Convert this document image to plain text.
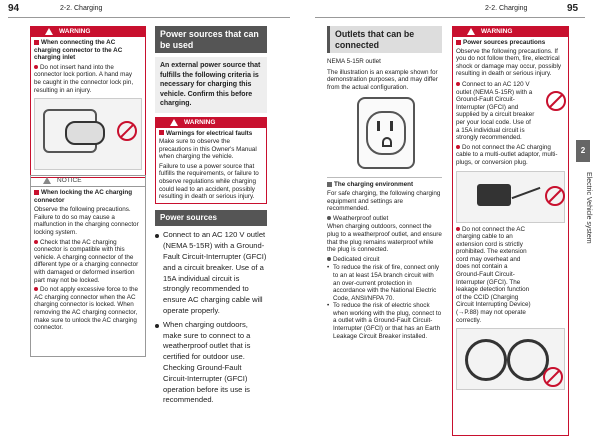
94	2-2. Charging	2-2. Charging	95
2
Electric Vehicle system
WARNING
When connecting the AC charging connector to the AC charging inlet
Do not insert hand into the connector lock portion. A hand may be caught in the connector lock pin, resulting in an injury.
NOTICE
When locking the AC charging connector
Observe the following precautions. Failure to do so may cause a malfunction in the charging connector locking system.
Check that the AC charging connector is compatible with this vehicle. A charging connector of the different type or a charging connector with damaged or deformed insertion part may not be locked.
Do not apply excessive force to the AC charging connector when the AC charging connector is locked. When removing the AC charging connector, make sure to unlock the AC charging connector.
Power sources that can be used
An external power source that fulfills the following criteria is necessary for charging this vehicle. Confirm this before charging.
WARNING
Warnings for electrical faults
Make sure to observe the precautions in this Owner's Manual when charging the vehicle.
Failure to use a power source that fulfills the requirements, or failure to observe regulations while charging could lead to an accident, possibly resulting in death or serious injury.
Power sources
Connect to an AC 120 V outlet (NEMA 5-15R) with a Ground-Fault Circuit-Interrupter (GFCI) and a circuit breaker. Use of a 15A individual circuit is strongly recommended to ensure AC charging cable will operate properly.
When charging outdoors, make sure to connect to a weatherproof outlet that is certified for outdoor use. Checking Ground-Fault Circuit-Interrupter (GFCI) operation before its use is recommended.
Outlets that can be connected
NEMA 5-15R outlet
The illustration is an example shown for demonstration purposes, and may differ from the actual configuration.
The charging environment
For safe charging, the following charging equipment and settings are recommended.
Weatherproof outlet
When charging outdoors, connect the plug to a weatherproof outlet, and ensure that the plug remains waterproof while the plug is connected.
Dedicated circuit
• To reduce the risk of fire, connect only to an at least 15A branch circuit with an over-current protection in accordance with the National Electric Code, ANSI/NFPA 70.
• To reduce the risk of electric shock when working with the plug, connect to a outlet with a Ground-Fault Circuit-Interrupter (GFCI) or that has an Earth Leakage Circuit Breaker installed.
WARNING
Power sources precautions
Observe the following precautions. If you do not follow them, fire, electrical shock or damage may occur, possibly resulting in death or serious injury.
Connect to an AC 120 V outlet (NEMA 5-15R) with a Ground-Fault Circuit-Interrupter (GFCI) and supplied by a circuit breaker per your local code. Use of a 15A individual circuit is strongly recommended.
Do not connect the AC charging cable to a multi-outlet adaptor, multi-plugs, or conversion plug.
Do not connect the AC charging cable to an extension cord is strictly prohibited. The extension cord may overheat and does not contain a Ground-Fault Circuit-Interrupter (GFCI). The leakage detection function of the CCID (Charging Circuit Interrupting Device) (→P.88) may not operate correctly.
